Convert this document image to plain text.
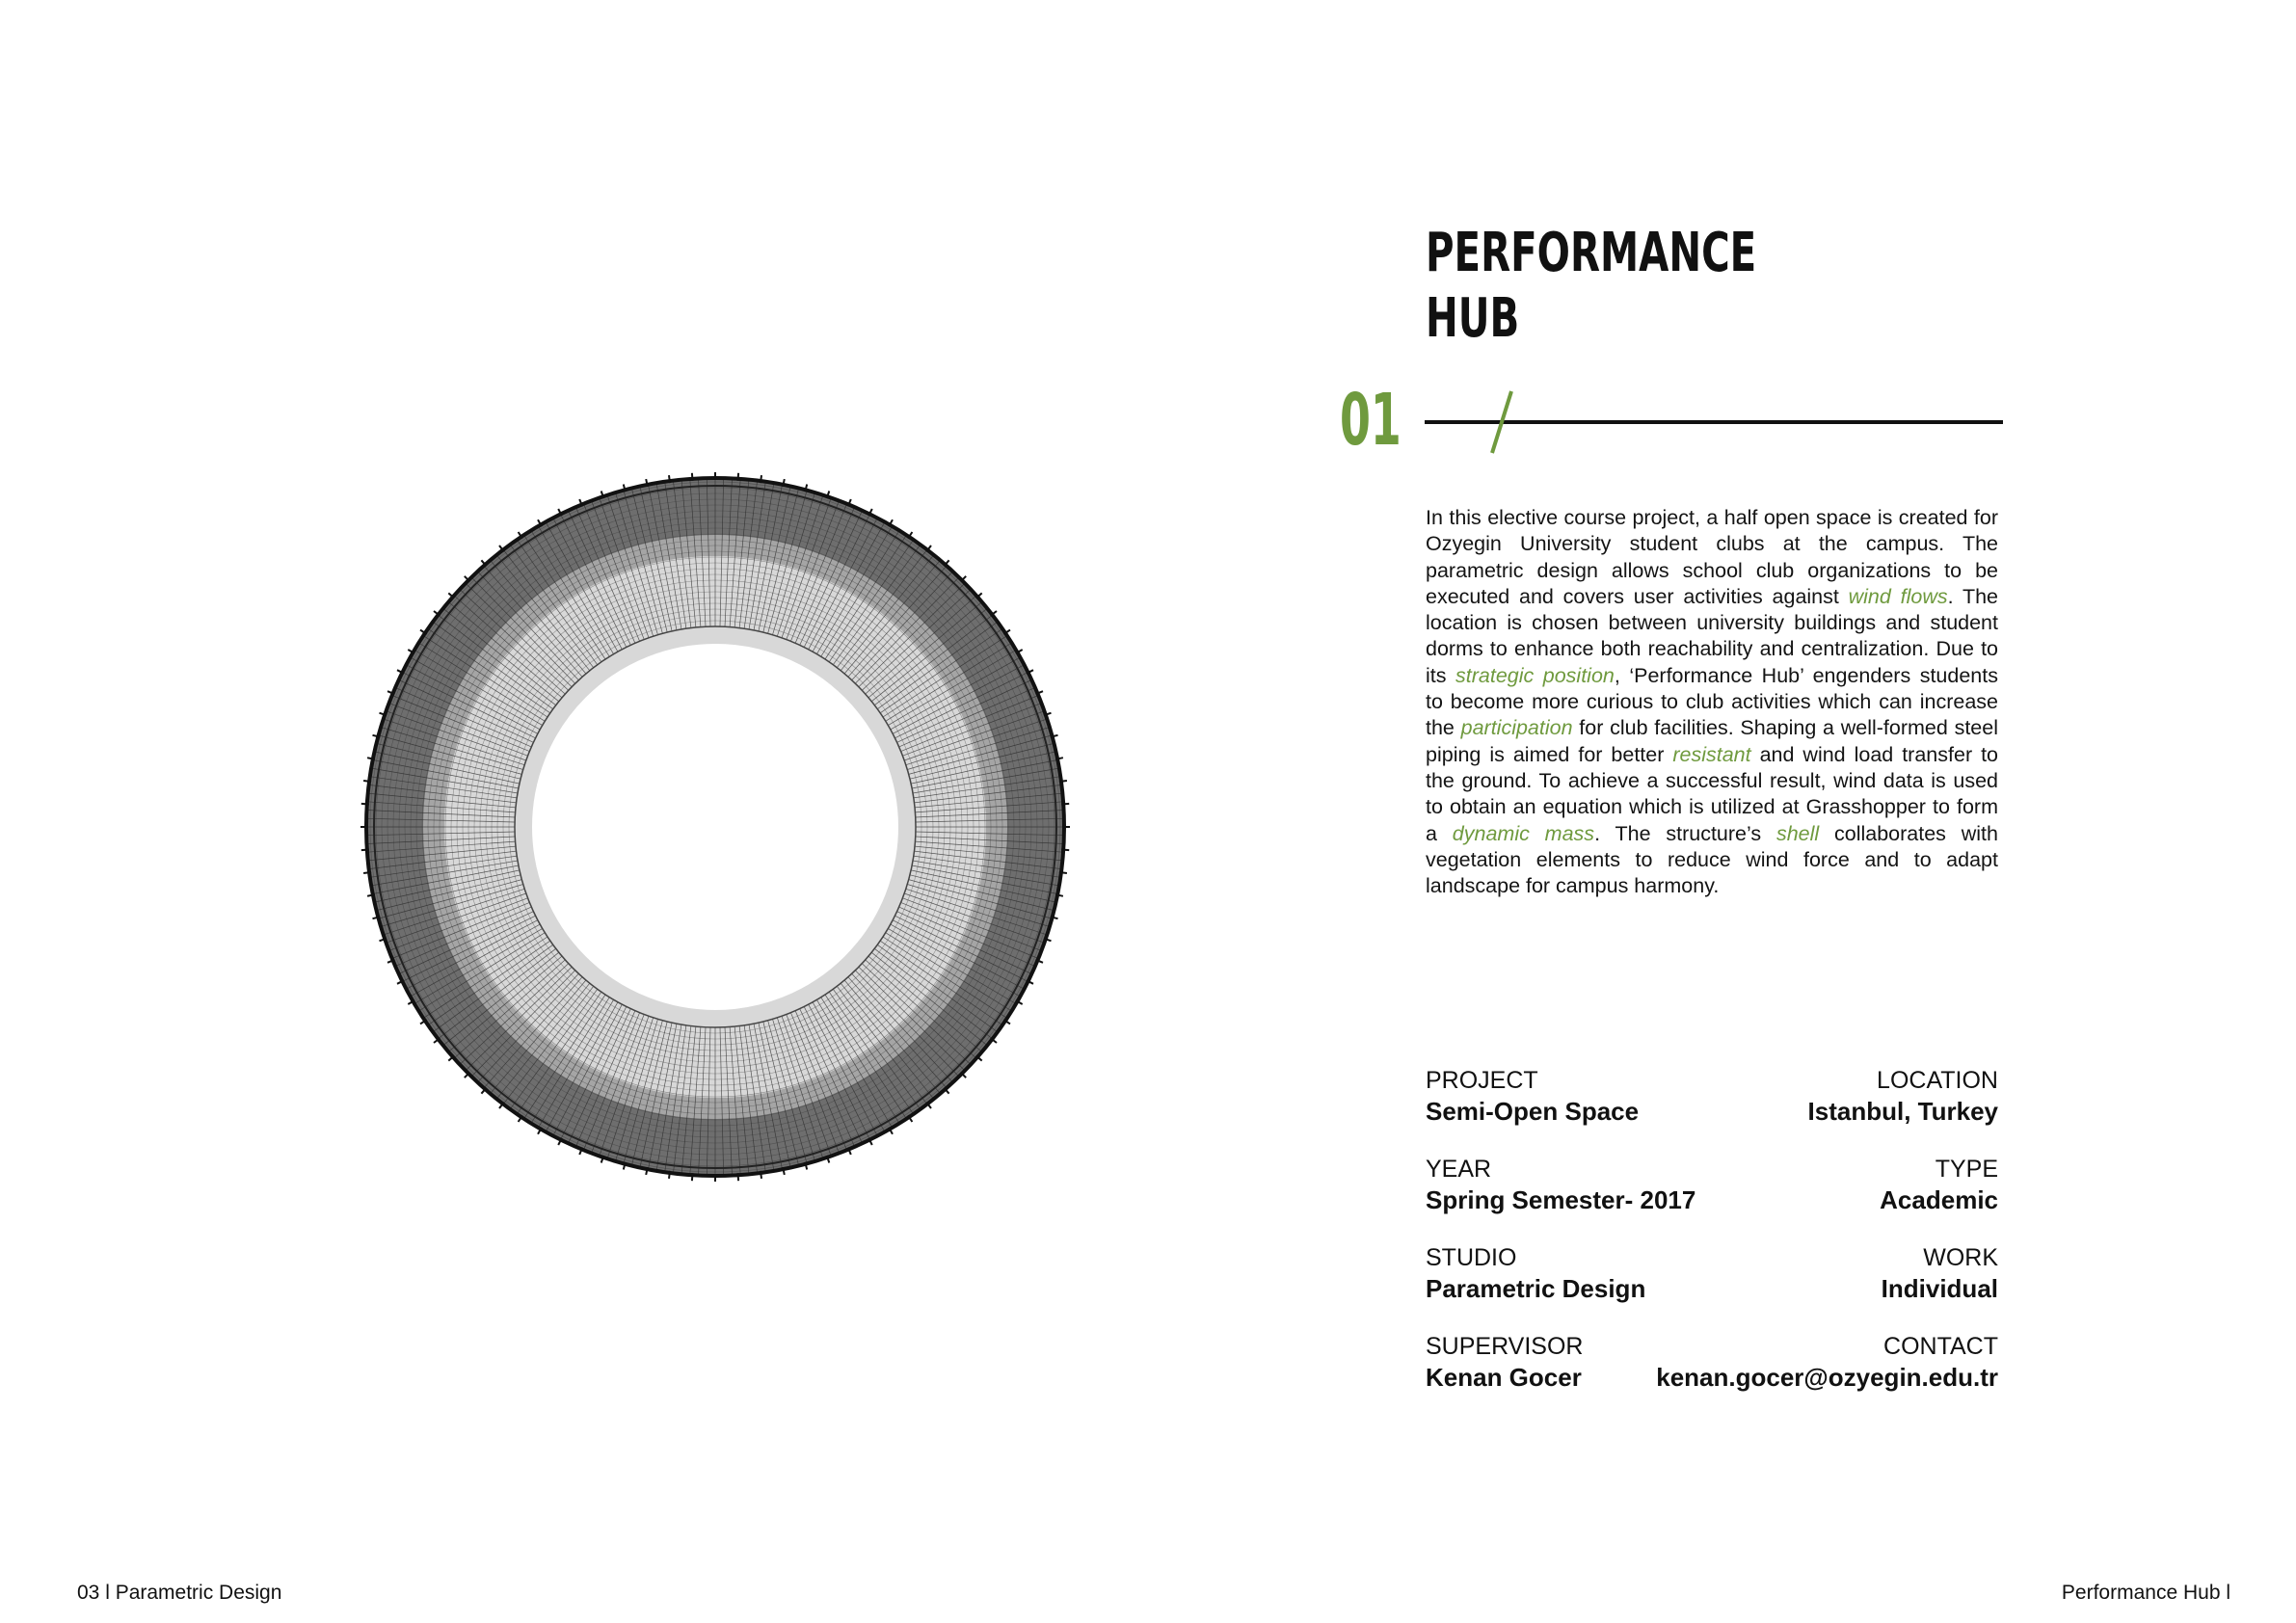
PERFORMANCE
HUB
01

In this elective course project, a half open space is created for Ozyegin University student clubs at the campus. The parametric design allows school club organizations to be executed and covers user activities against wind flows. The location is chosen between university buildings and student dorms to enhance both reachability and centralization. Due to its strategic position, ‘Performance Hub’ engenders students to become more curious to club activities which can increase the participation for club facilities. Shaping a well-formed steel piping is aimed for better resistant and wind load transfer to the ground. To achieve a successful result, wind data is used to obtain an equation which is utilized at Grasshopper to form a dynamic mass. The structure’s shell collaborates with vegetation elements to reduce wind force and to adapt landscape for campus harmony.

PROJECT
Semi-Open Space
LOCATION
Istanbul, Turkey
YEAR
Spring Semester- 2017
TYPE
Academic
STUDIO
Parametric Design
WORK
Individual
SUPERVISOR
Kenan Gocer
CONTACT
kenan.gocer@ozyegin.edu.tr
03 l Parametric Design	Performance Hub l
